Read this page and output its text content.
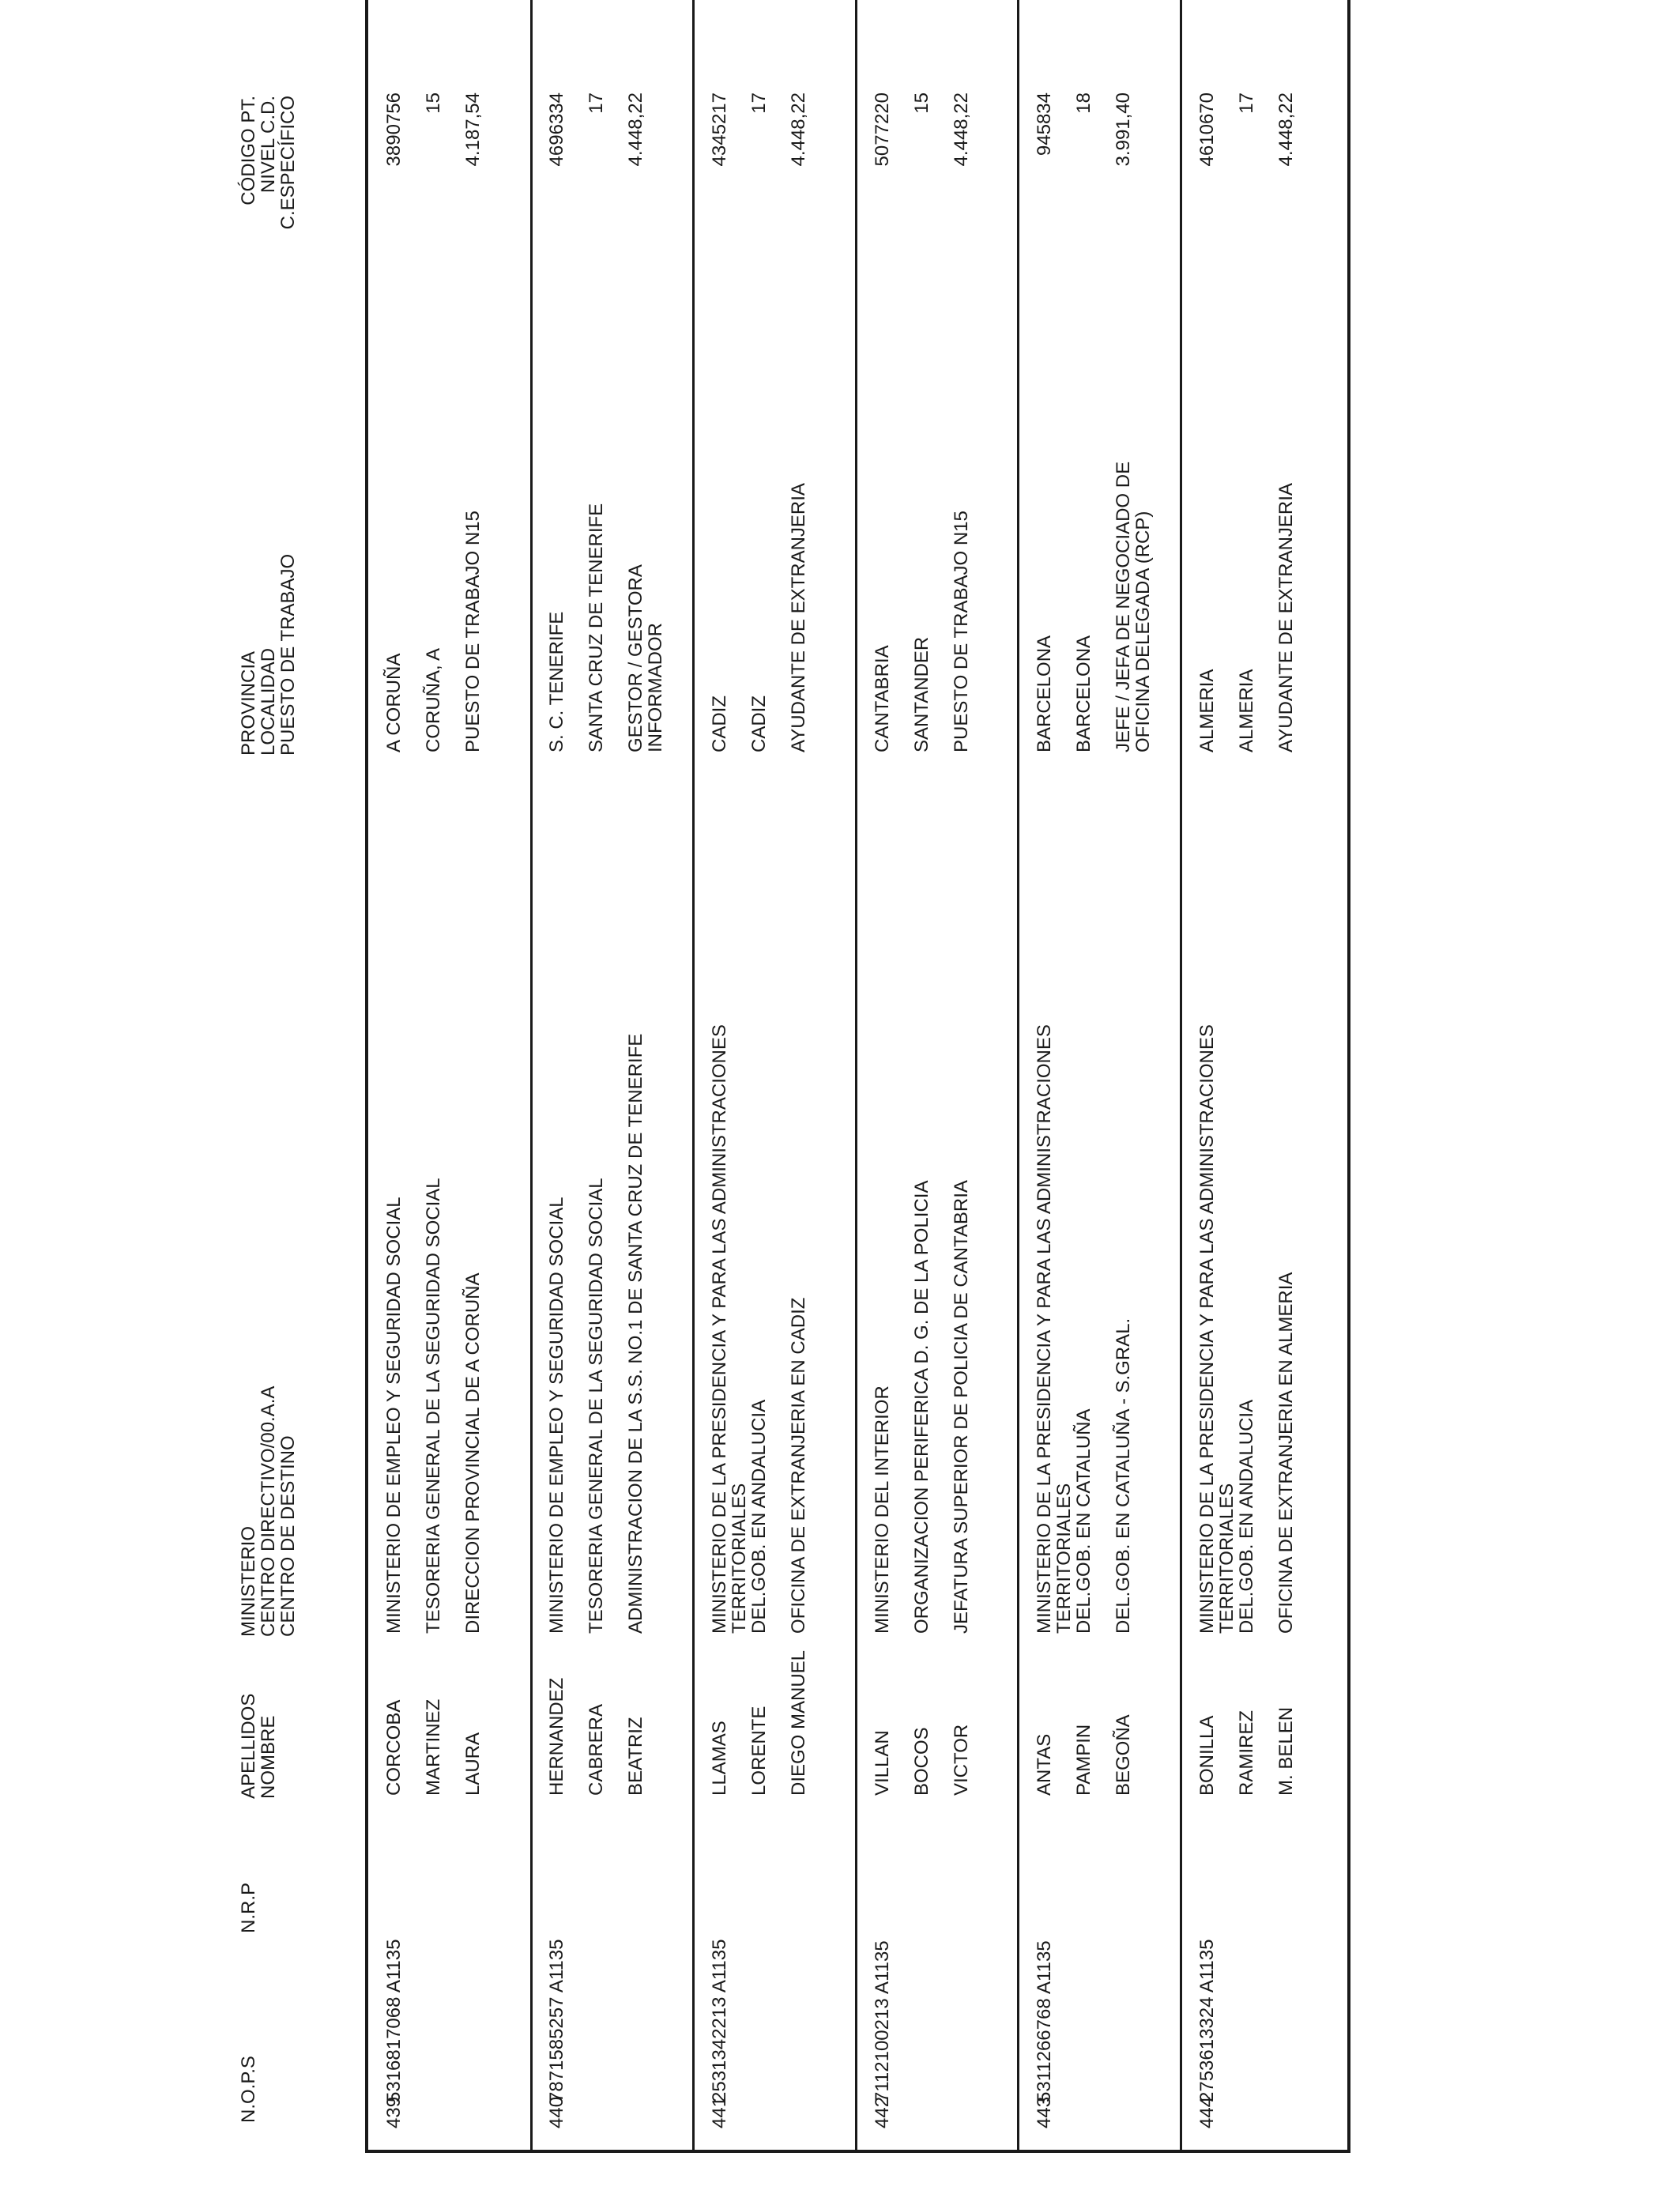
N.O.P.S
N.R.P
APELLIDOS
NOMBRE
MINISTERIO
CENTRO DIRECTIVO/00.A.A
CENTRO DE DESTINO
PROVINCIA
LOCALIDAD
PUESTO DE TRABAJO
CÓDIGO PT.
NIVEL C.D.
C.ESPECÍFICO
439
5316817068 A1135
CORCOBA MARTINEZ LAURA
MINISTERIO DE EMPLEO Y SEGURIDAD SOCIAL TESORERIA GENERAL DE LA SEGURIDAD SOCIAL DIRECCION PROVINCIAL DE A CORUÑA
A CORUÑA CORUÑA, A PUESTO DE TRABAJO N15
3890756 15 4.187,54
440
7871585257 A1135
HERNANDEZ CABRERA BEATRIZ
MINISTERIO DE EMPLEO Y SEGURIDAD SOCIAL TESORERIA GENERAL DE LA SEGURIDAD SOCIAL ADMINISTRACION DE LA S.S. NO.1 DE SANTA CRUZ DE TENERIFE
S. C. TENERIFE SANTA CRUZ DE TENERIFE GESTOR / GESTORA
INFORMADOR
4696334 17 4.448,22
441
2531342213 A1135
LLAMAS LORENTE DIEGO MANUEL
MINISTERIO DE LA PRESIDENCIA Y PARA LAS ADMINISTRACIONES
TERRITORIALES
DEL.GOB. EN ANDALUCIA OFICINA DE EXTRANJERIA EN CADIZ
CADIZ CADIZ AYUDANTE DE EXTRANJERIA
4345217 17 4.448,22
442
7112100213 A1135
VILLAN BOCOS VICTOR
MINISTERIO DEL INTERIOR ORGANIZACION PERIFERICA D. G. DE LA POLICIA JEFATURA SUPERIOR DE POLICIA DE CANTABRIA
CANTABRIA SANTANDER PUESTO DE TRABAJO N15
5077220 15 4.448,22
443
5311266768 A1135
ANTAS PAMPIN BEGOÑA
MINISTERIO DE LA PRESIDENCIA Y PARA LAS ADMINISTRACIONES
TERRITORIALES
DEL.GOB. EN CATALUÑA DEL.GOB. EN CATALUÑA - S.GRAL.
BARCELONA BARCELONA JEFE / JEFA DE NEGOCIADO DE
OFICINA DELEGADA (RCP)
945834 18 3.991,40
444
2753613324 A1135
BONILLA RAMIREZ M. BELEN
MINISTERIO DE LA PRESIDENCIA Y PARA LAS ADMINISTRACIONES
TERRITORIALES
DEL.GOB. EN ANDALUCIA OFICINA DE EXTRANJERIA EN ALMERIA
ALMERIA ALMERIA AYUDANTE DE EXTRANJERIA
4610670 17 4.448,22
